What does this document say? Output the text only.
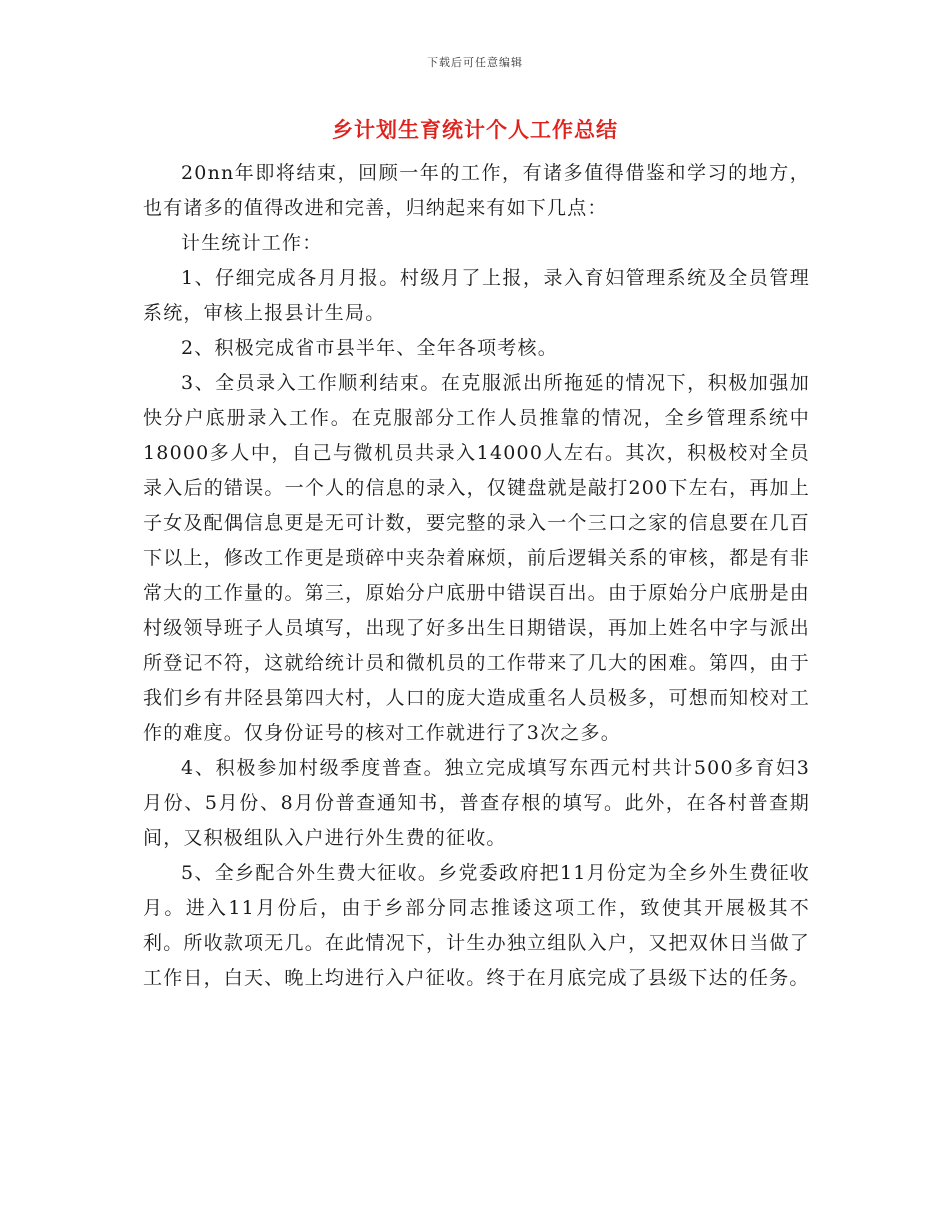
下载后可任意编辑
乡计划生育统计个人工作总结

20nn年即将结束，回顾一年的工作，有诸多值得借鉴和学习的地方，也有诸多的值得改进和完善，归纳起来有如下几点：

计生统计工作：

1、仔细完成各月月报。村级月了上报，录入育妇管理系统及全员管理系统，审核上报县计生局。

2、积极完成省市县半年、全年各项考核。

3、全员录入工作顺利结束。在克服派出所拖延的情况下，积极加强加快分户底册录入工作。在克服部分工作人员推靠的情况，全乡管理系统中18000多人中，自己与微机员共录入14000人左右。其次，积极校对全员录入后的错误。一个人的信息的录入，仅键盘就是敲打200下左右，再加上子女及配偶信息更是无可计数，要完整的录入一个三口之家的信息要在几百下以上，修改工作更是琐碎中夹杂着麻烦，前后逻辑关系的审核，都是有非常大的工作量的。第三，原始分户底册中错误百出。由于原始分户底册是由村级领导班子人员填写，出现了好多出生日期错误，再加上姓名中字与派出所登记不符，这就给统计员和微机员的工作带来了几大的困难。第四，由于我们乡有井陉县第四大村，人口的庞大造成重名人员极多，可想而知校对工作的难度。仅身份证号的核对工作就进行了3次之多。

4、积极参加村级季度普查。独立完成填写东西元村共计500多育妇3月份、5月份、8月份普查通知书，普查存根的填写。此外，在各村普查期间，又积极组队入户进行外生费的征收。

5、全乡配合外生费大征收。乡党委政府把11月份定为全乡外生费征收月。进入11月份后，由于乡部分同志推诿这项工作，致使其开展极其不利。所收款项无几。在此情况下，计生办独立组队入户，又把双休日当做了工作日，白天、晚上均进行入户征收。终于在月底完成了县级下达的任务。
